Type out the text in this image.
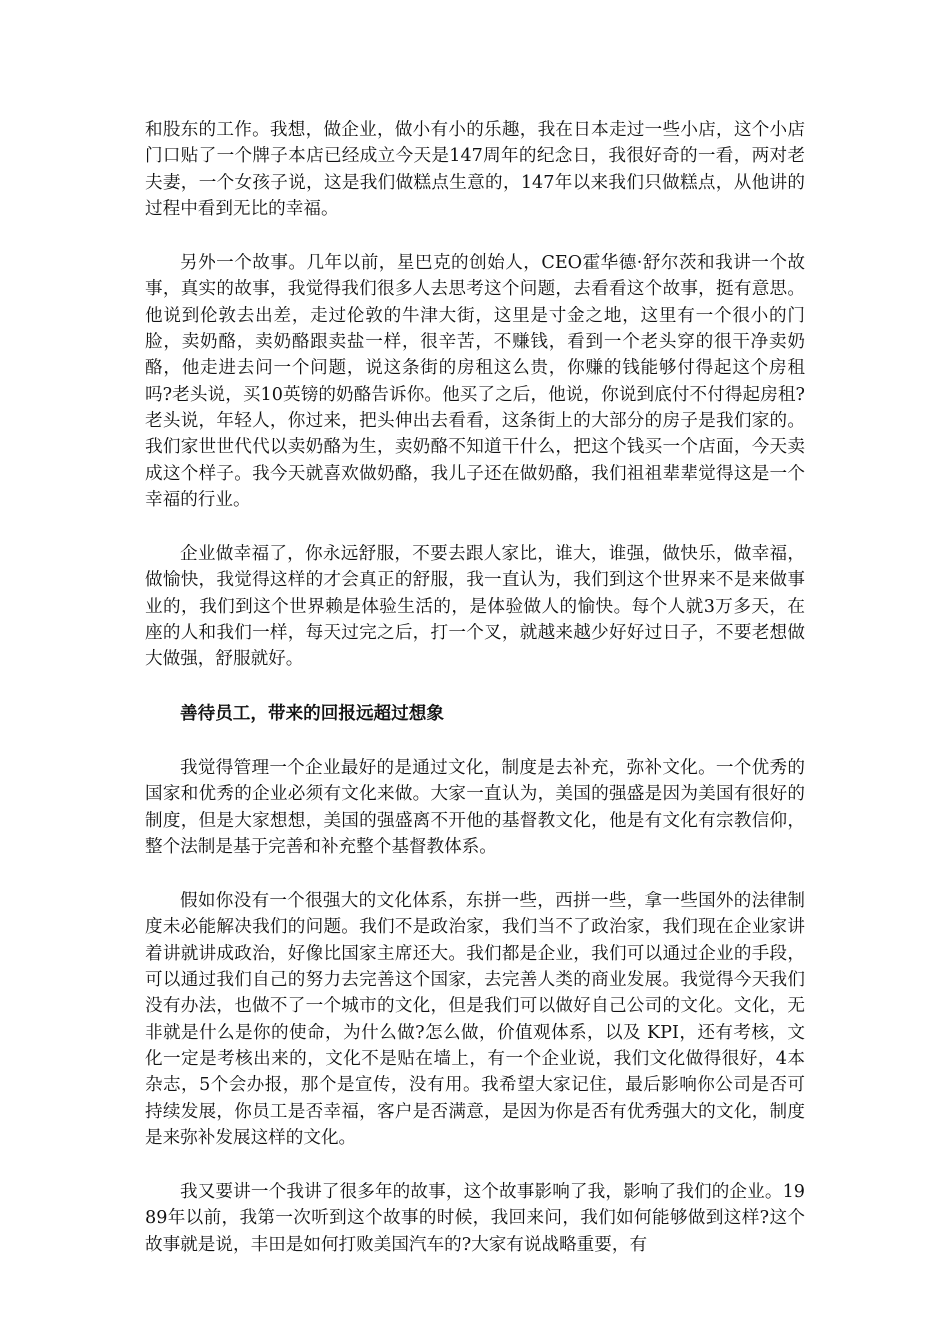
和股东的工作。我想，做企业，做小有小的乐趣，我在日本走过一些小店，这个小店门口贴了一个牌子本店已经成立今天是147周年的纪念日，我很好奇的一看，两对老夫妻，一个女孩子说，这是我们做糕点生意的，147年以来我们只做糕点，从他讲的过程中看到无比的幸福。

另外一个故事。几年以前，星巴克的创始人，CEO霍华德·舒尔茨和我讲一个故事，真实的故事，我觉得我们很多人去思考这个问题，去看看这个故事，挺有意思。他说到伦敦去出差，走过伦敦的牛津大街，这里是寸金之地，这里有一个很小的门脸，卖奶酪，卖奶酪跟卖盐一样，很辛苦，不赚钱，看到一个老头穿的很干净卖奶酪，他走进去问一个问题，说这条街的房租这么贵，你赚的钱能够付得起这个房租吗?老头说，买10英镑的奶酪告诉你。他买了之后，他说，你说到底付不付得起房租?老头说，年轻人，你过来，把头伸出去看看，这条街上的大部分的房子是我们家的。我们家世世代代以卖奶酪为生，卖奶酪不知道干什么，把这个钱买一个店面，今天卖成这个样子。我今天就喜欢做奶酪，我儿子还在做奶酪，我们祖祖辈辈觉得这是一个幸福的行业。

企业做幸福了，你永远舒服，不要去跟人家比，谁大，谁强，做快乐，做幸福，做愉快，我觉得这样的才会真正的舒服，我一直认为，我们到这个世界来不是来做事业的，我们到这个世界赖是体验生活的，是体验做人的愉快。每个人就3万多天，在座的人和我们一样，每天过完之后，打一个叉，就越来越少好好过日子，不要老想做大做强，舒服就好。

善待员工，带来的回报远超过想象

我觉得管理一个企业最好的是通过文化，制度是去补充，弥补文化。一个优秀的国家和优秀的企业必须有文化来做。大家一直认为，美国的强盛是因为美国有很好的制度，但是大家想想，美国的强盛离不开他的基督教文化，他是有文化有宗教信仰，整个法制是基于完善和补充整个基督教体系。

假如你没有一个很强大的文化体系，东拼一些，西拼一些，拿一些国外的法律制度未必能解决我们的问题。我们不是政治家，我们当不了政治家，我们现在企业家讲着讲就讲成政治，好像比国家主席还大。我们都是企业，我们可以通过企业的手段，可以通过我们自己的努力去完善这个国家，去完善人类的商业发展。我觉得今天我们没有办法，也做不了一个城市的文化，但是我们可以做好自己公司的文化。文化，无非就是什么是你的使命，为什么做?怎么做，价值观体系，以及 KPI，还有考核，文化一定是考核出来的，文化不是贴在墙上，有一个企业说，我们文化做得很好，4本杂志，5个会办报，那个是宣传，没有用。我希望大家记住，最后影响你公司是否可持续发展，你员工是否幸福，客户是否满意，是因为你是否有优秀强大的文化，制度是来弥补发展这样的文化。

我又要讲一个我讲了很多年的故事，这个故事影响了我，影响了我们的企业。1989年以前，我第一次听到这个故事的时候，我回来问，我们如何能够做到这样?这个故事就是说，丰田是如何打败美国汽车的?大家有说战略重要，有
